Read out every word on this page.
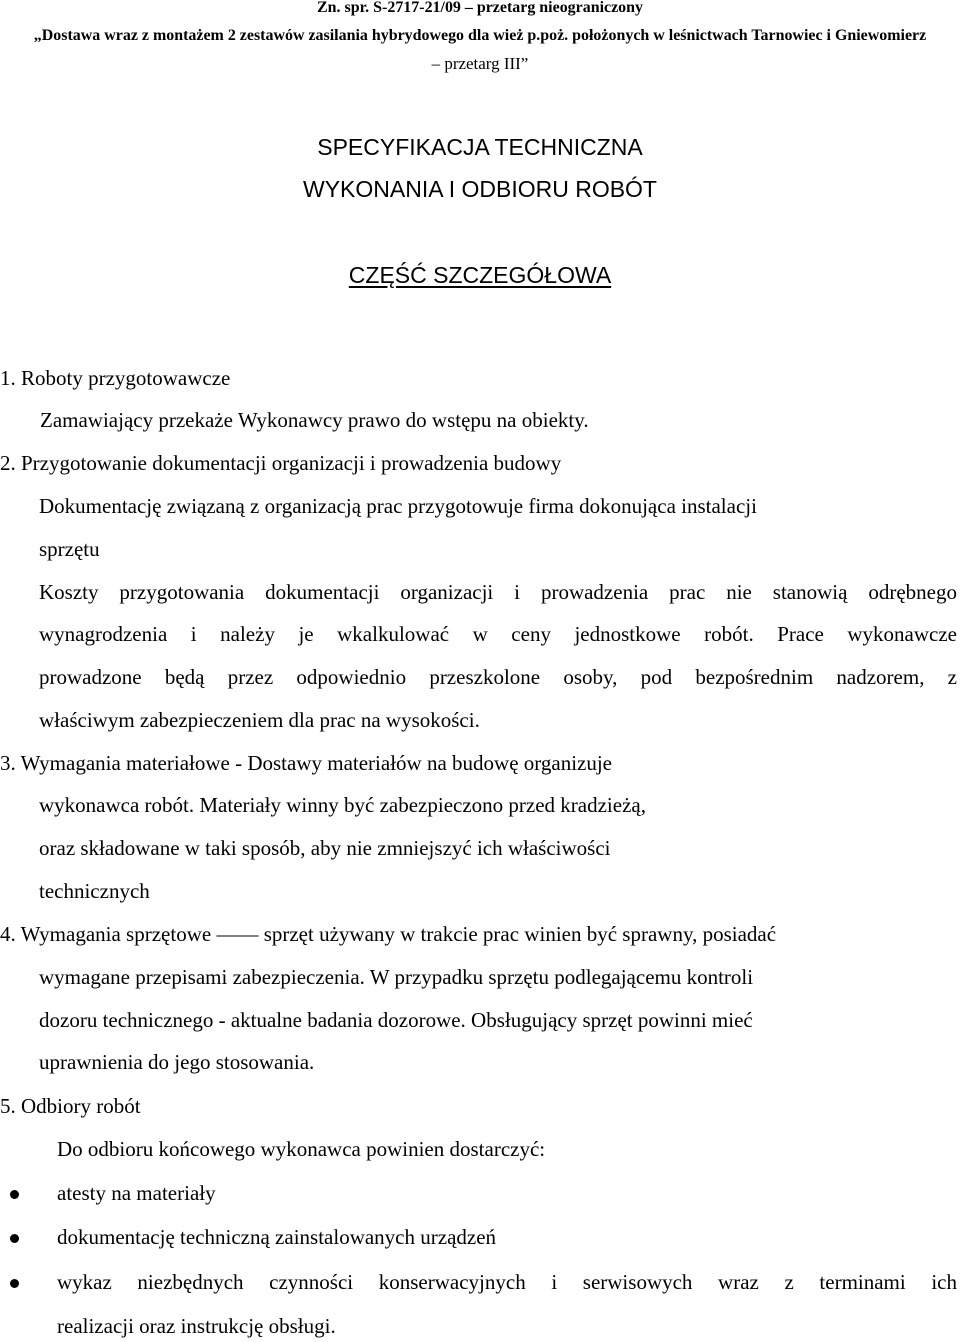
Zn. spr. S-2717-21/09 – przetarg nieograniczony
„Dostawa wraz z montażem 2 zestawów zasilania hybrydowego dla wież p.poż. położonych w leśnictwach Tarnowiec i Gniewomierz
– przetarg III”
SPECYFIKACJA TECHNICZNA
WYKONANIA I ODBIORU ROBÓT
CZĘŚĆ SZCZEGÓŁOWA
1. Roboty przygotowawcze
Zamawiający przekaże Wykonawcy prawo do wstępu na obiekty.
2. Przygotowanie dokumentacji organizacji i prowadzenia budowy
Dokumentację związaną z organizacją prac przygotowuje firma dokonująca instalacji
sprzętu
Koszty przygotowania dokumentacji organizacji i prowadzenia prac nie stanowią odrębnego
wynagrodzenia i należy je wkalkulować w ceny jednostkowe robót. Prace wykonawcze
prowadzone będą przez odpowiednio przeszkolone osoby, pod bezpośrednim nadzorem, z
właściwym zabezpieczeniem dla prac na wysokości.
3. Wymagania materiałowe - Dostawy materiałów na budowę organizuje
wykonawca robót. Materiały winny być zabezpieczono przed kradzieżą,
oraz składowane w taki sposób, aby nie zmniejszyć ich właściwości
technicznych
4. Wymagania sprzętowe —— sprzęt używany w trakcie prac winien być sprawny, posiadać
wymagane przepisami zabezpieczenia. W przypadku sprzętu podlegającemu kontroli
dozoru technicznego - aktualne badania dozorowe. Obsługujący sprzęt powinni mieć
uprawnienia do jego stosowania.
5. Odbiory robót
Do odbioru końcowego wykonawca powinien dostarczyć:
atesty na materiały
dokumentację techniczną zainstalowanych urządzeń
wykaz niezbędnych czynności konserwacyjnych i serwisowych wraz z terminami ich
realizacji oraz instrukcję obsługi.
